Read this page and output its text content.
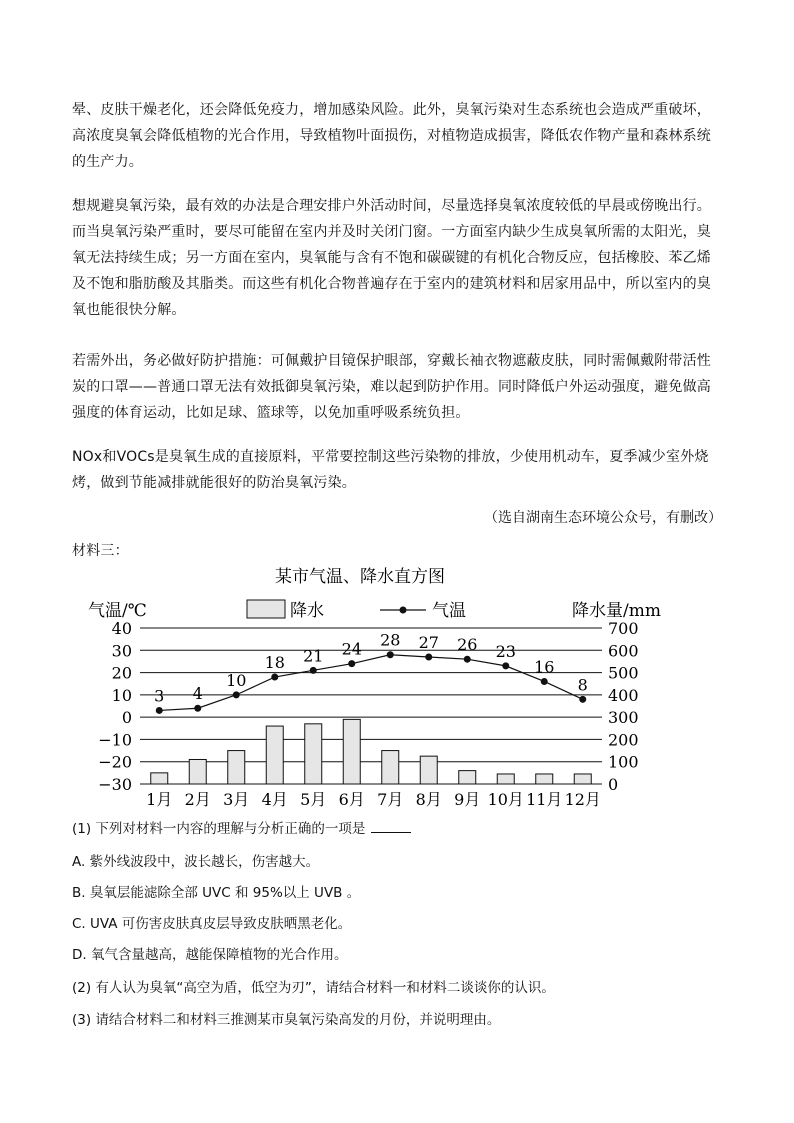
晕、皮肤干燥老化，还会降低免疫力，增加感染风险。此外，臭氧污染对生态系统也会造成严重破坏，高浓度臭氧会降低植物的光合作用，导致植物叶面损伤，对植物造成损害，降低农作物产量和森林系统的生产力。
想规避臭氧污染，最有效的办法是合理安排户外活动时间，尽量选择臭氧浓度较低的早晨或傍晚出行。而当臭氧污染严重时，要尽可能留在室内并及时关闭门窗。一方面室内缺少生成臭氧所需的太阳光，臭氧无法持续生成；另一方面在室内，臭氧能与含有不饱和碳碳键的有机化合物反应，包括橡胶、苯乙烯及不饱和脂肪酸及其脂类。而这些有机化合物普遍存在于室内的建筑材料和居家用品中，所以室内的臭氧也能很快分解。
若需外出，务必做好防护措施：可佩戴护目镜保护眼部，穿戴长袖衣物遮蔽皮肤，同时需佩戴附带活性炭的口罩——普通口罩无法有效抵御臭氧污染，难以起到防护作用。同时降低户外运动强度，避免做高强度的体育运动，比如足球、篮球等，以免加重呼吸系统负担。
NOx和VOCs是臭氧生成的直接原料，平常要控制这些污染物的排放，少使用机动车，夏季减少室外烧烤，做到节能减排就能很好的防治臭氧污染。
（选自湖南生态环境公众号，有删改）
材料三：
某市气温、降水直方图
气温/℃	降水量/mm
降水	气温
40	700
30	600
20	500
10	400
0	300
−10	200
−20	100
−30	0
3 4
10
18 21 24 28 27 26 23
16
8
1月 2月 3月 4月 5月 6月 7月 8月 9月 10月 11月 12月
(1) 下列对材料一内容的理解与分析正确的一项是
A. 紫外线波段中，波长越长，伤害越大。
B. 臭氧层能滤除全部 UVC 和 95%以上 UVB 。
C. UVA 可伤害皮肤真皮层导致皮肤晒黑老化。
D. 氧气含量越高，越能保障植物的光合作用。
(2) 有人认为臭氧“高空为盾，低空为刃”，请结合材料一和材料二谈谈你的认识。
(3) 请结合材料二和材料三推测某市臭氧污染高发的月份，并说明理由。
